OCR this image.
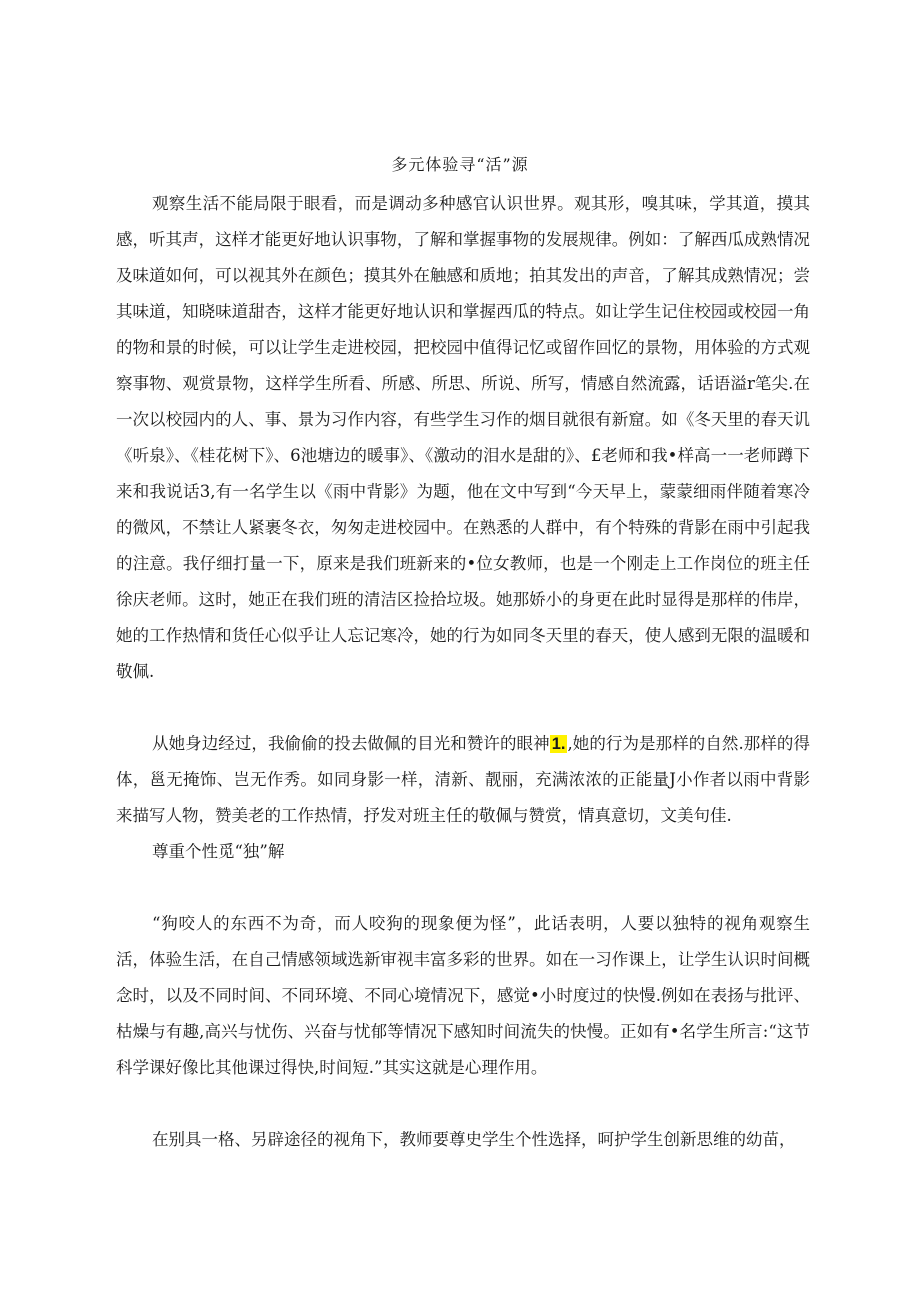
多元体验寻“活”源

观察生活不能局限于眼看，而是调动多种感官认识世界。观其形，嗅其味，学其道，摸其感，听其声，这样才能更好地认识事物，了解和掌握事物的发展规律。例如：了解西瓜成熟情况及味道如何，可以视其外在颜色；摸其外在触感和质地；拍其发出的声音，了解其成熟情况；尝其味道，知晓味道甜杏，这样才能更好地认识和掌握西瓜的特点。如让学生记住校园或校园一角的物和景的时候，可以让学生走进校园，把校园中值得记忆或留作回忆的景物，用体验的方式观察事物、观赏景物，这样学生所看、所感、所思、所说、所写，情感自然流露，话语溢r笔尖.在一次以校园内的人、事、景为习作内容，有些学生习作的烟目就很有新窟。如《冬天里的春天讥《听泉》、《桂花树下》、6池塘边的暖事》、《激动的泪水是甜的》、£老师和我•样高一一老师蹲下来和我说话3,有一名学生以《雨中背影》为题，他在文中写到“今天早上，蒙蒙细雨伴随着寒冷的微风，不禁让人紧裹冬衣，匆匆走进校园中。在熟悉的人群中，有个特殊的背影在雨中引起我的注意。我仔细打量一下，原来是我们班新来的•位女教师，也是一个刚走上工作岗位的班主任徐庆老师。这时，她正在我们班的清洁区捡拾垃圾。她那娇小的身更在此时显得是那样的伟岸，她的工作热情和货任心似乎让人忘记寒冷，她的行为如同冬天里的春天，使人感到无限的温暖和敬佩.

从她身边经过，我偷偷的投去做佩的目光和赞许的眼神 1. ,她的行为是那样的自然.那样的得体，邕无掩饰、岂无作秀。如同身影一样，清新、靓丽，充满浓浓的正能量J小作者以雨中背影来描写人物，赞美老的工作热情，抒发对班主任的敬佩与赞赏，情真意切，文美句佳.

尊重个性觅“独”解

“狗咬人的东西不为奇，而人咬狗的现象便为怪”，此话表明，人要以独特的视角观察生活，体验生活，在自己情感领域选新审视丰富多彩的世界。如在一习作课上，让学生认识时间概念时，以及不同时间、不同环境、不同心境情况下，感觉•小时度过的快慢.例如在表扬与批评、枯燥与有趣,高兴与忧伤、兴奋与忧郁等情况下感知时间流失的快慢。正如有•名学生所言:“这节科学课好像比其他课过得快,时间短.”其实这就是心理作用。

在别具一格、另辟途径的视角下，教师要尊史学生个性选择，呵护学生创新思维的幼苗，
